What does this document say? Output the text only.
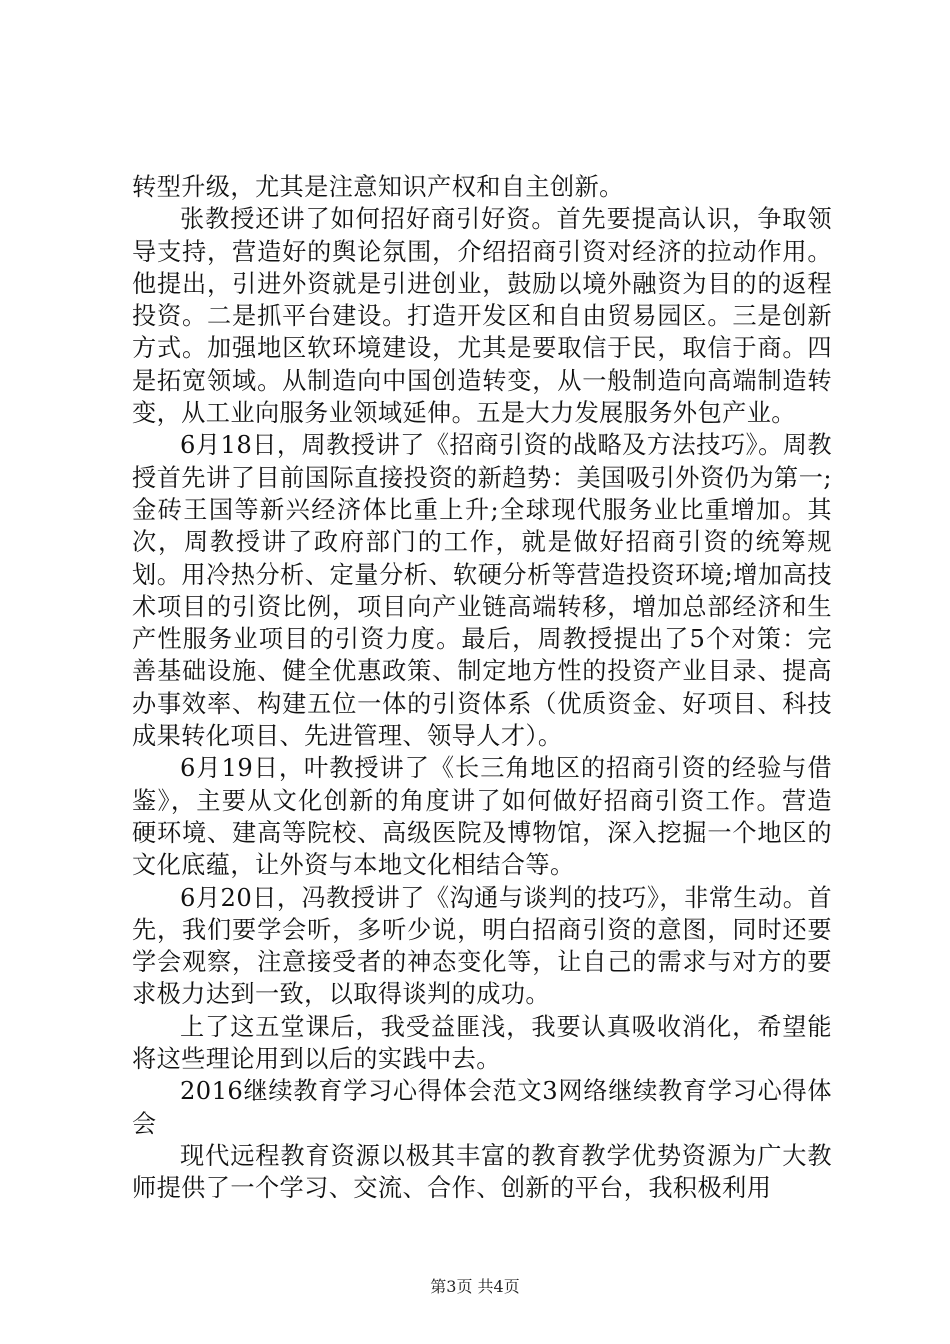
转型升级，尤其是注意知识产权和自主创新。

张教授还讲了如何招好商引好资。首先要提高认识，争取领导支持，营造好的舆论氛围，介绍招商引资对经济的拉动作用。他提出，引进外资就是引进创业，鼓励以境外融资为目的的返程投资。二是抓平台建设。打造开发区和自由贸易园区。三是创新方式。加强地区软环境建设，尤其是要取信于民，取信于商。四是拓宽领域。从制造向中国创造转变，从一般制造向高端制造转变，从工业向服务业领域延伸。五是大力发展服务外包产业。

6月18日，周教授讲了《招商引资的战略及方法技巧》。周教授首先讲了目前国际直接投资的新趋势：美国吸引外资仍为第一;金砖王国等新兴经济体比重上升;全球现代服务业比重增加。其次，周教授讲了政府部门的工作，就是做好招商引资的统筹规划。用冷热分析、定量分析、软硬分析等营造投资环境;增加高技术项目的引资比例，项目向产业链高端转移，增加总部经济和生产性服务业项目的引资力度。最后，周教授提出了5个对策：完善基础设施、健全优惠政策、制定地方性的投资产业目录、提高办事效率、构建五位一体的引资体系（优质资金、好项目、科技成果转化项目、先进管理、领导人才）。

6月19日，叶教授讲了《长三角地区的招商引资的经验与借鉴》，主要从文化创新的角度讲了如何做好招商引资工作。营造硬环境、建高等院校、高级医院及博物馆，深入挖掘一个地区的文化底蕴，让外资与本地文化相结合等。

6月20日，冯教授讲了《沟通与谈判的技巧》，非常生动。首先，我们要学会听，多听少说，明白招商引资的意图，同时还要学会观察，注意接受者的神态变化等，让自己的需求与对方的要求极力达到一致，以取得谈判的成功。

上了这五堂课后，我受益匪浅，我要认真吸收消化，希望能将这些理论用到以后的实践中去。

2016继续教育学习心得体会范文3网络继续教育学习心得体会

现代远程教育资源以极其丰富的教育教学优势资源为广大教师提供了一个学习、交流、合作、创新的平台，我积极利用

第3页 共4页
